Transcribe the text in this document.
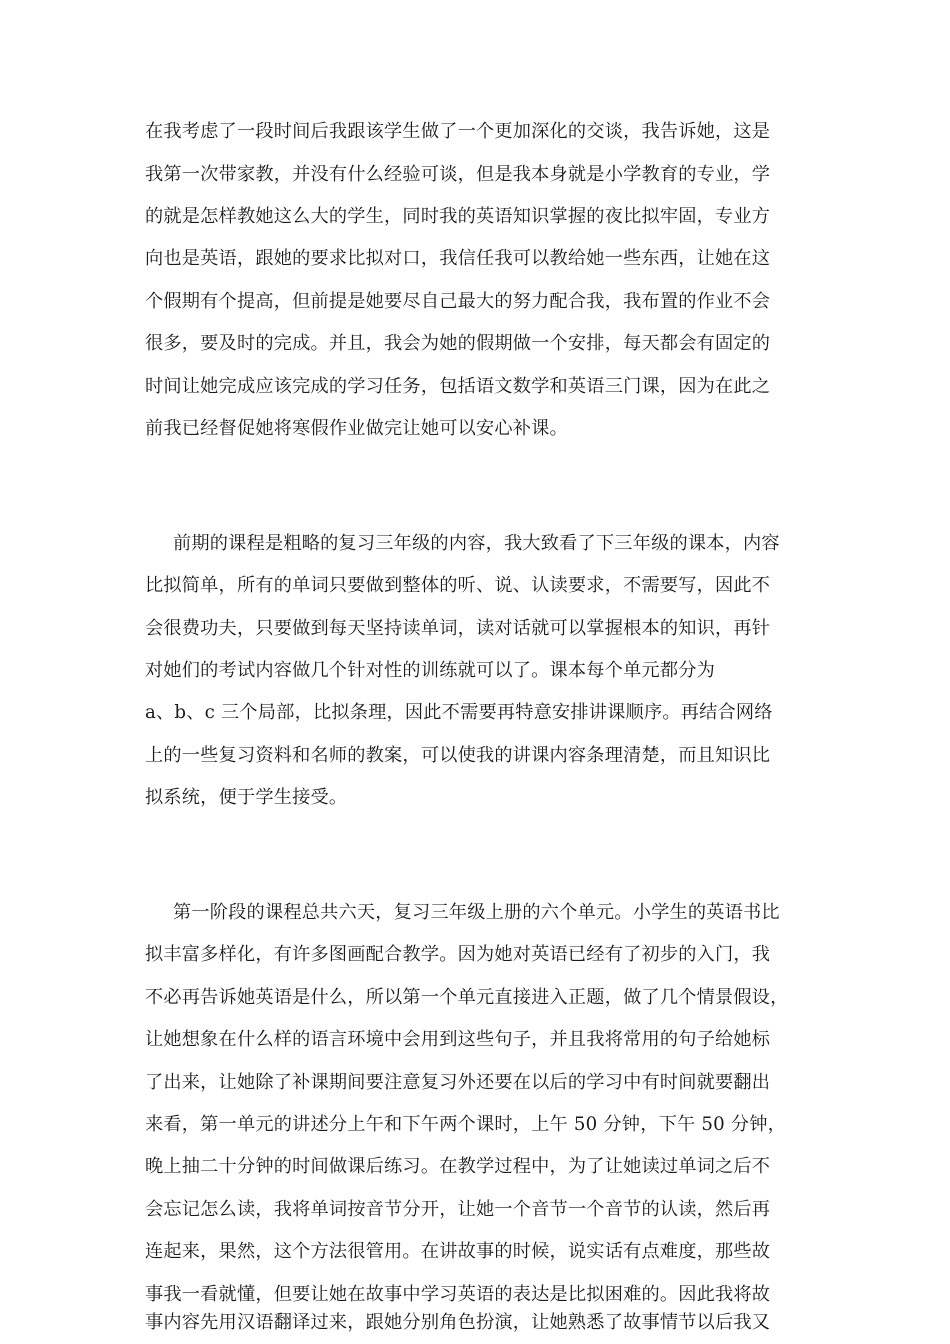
在我考虑了一段时间后我跟该学生做了一个更加深化的交谈，我告诉她，这是
我第一次带家教，并没有什么经验可谈，但是我本身就是小学教育的专业，学
的就是怎样教她这么大的学生，同时我的英语知识掌握的夜比拟牢固，专业方
向也是英语，跟她的要求比拟对口，我信任我可以教给她一些东西，让她在这
个假期有个提高，但前提是她要尽自己最大的努力配合我，我布置的作业不会
很多，要及时的完成。并且，我会为她的假期做一个安排，每天都会有固定的
时间让她完成应该完成的学习任务，包括语文数学和英语三门课，因为在此之
前我已经督促她将寒假作业做完让她可以安心补课。
前期的课程是粗略的复习三年级的内容，我大致看了下三年级的课本，内容
比拟简单，所有的单词只要做到整体的听、说、认读要求，不需要写，因此不
会很费功夫，只要做到每天坚持读单词，读对话就可以掌握根本的知识，再针
对她们的考试内容做几个针对性的训练就可以了。课本每个单元都分为
a、b、c 三个局部，比拟条理，因此不需要再特意安排讲课顺序。再结合网络
上的一些复习资料和名师的教案，可以使我的讲课内容条理清楚，而且知识比
拟系统，便于学生接受。
第一阶段的课程总共六天，复习三年级上册的六个单元。小学生的英语书比
拟丰富多样化，有许多图画配合教学。因为她对英语已经有了初步的入门，我
不必再告诉她英语是什么，所以第一个单元直接进入正题，做了几个情景假设，
让她想象在什么样的语言环境中会用到这些句子，并且我将常用的句子给她标
了出来，让她除了补课期间要注意复习外还要在以后的学习中有时间就要翻出
来看，第一单元的讲述分上午和下午两个课时，上午 50 分钟，下午 50 分钟，
晚上抽二十分钟的时间做课后练习。在教学过程中，为了让她读过单词之后不
会忘记怎么读，我将单词按音节分开，让她一个音节一个音节的认读，然后再
连起来，果然，这个方法很管用。在讲故事的时候，说实话有点难度，那些故
事我一看就懂，但要让她在故事中学习英语的表达是比拟困难的。因此我将故
事内容先用汉语翻译过来，跟她分别角色扮演，让她熟悉了故事情节以后我又
